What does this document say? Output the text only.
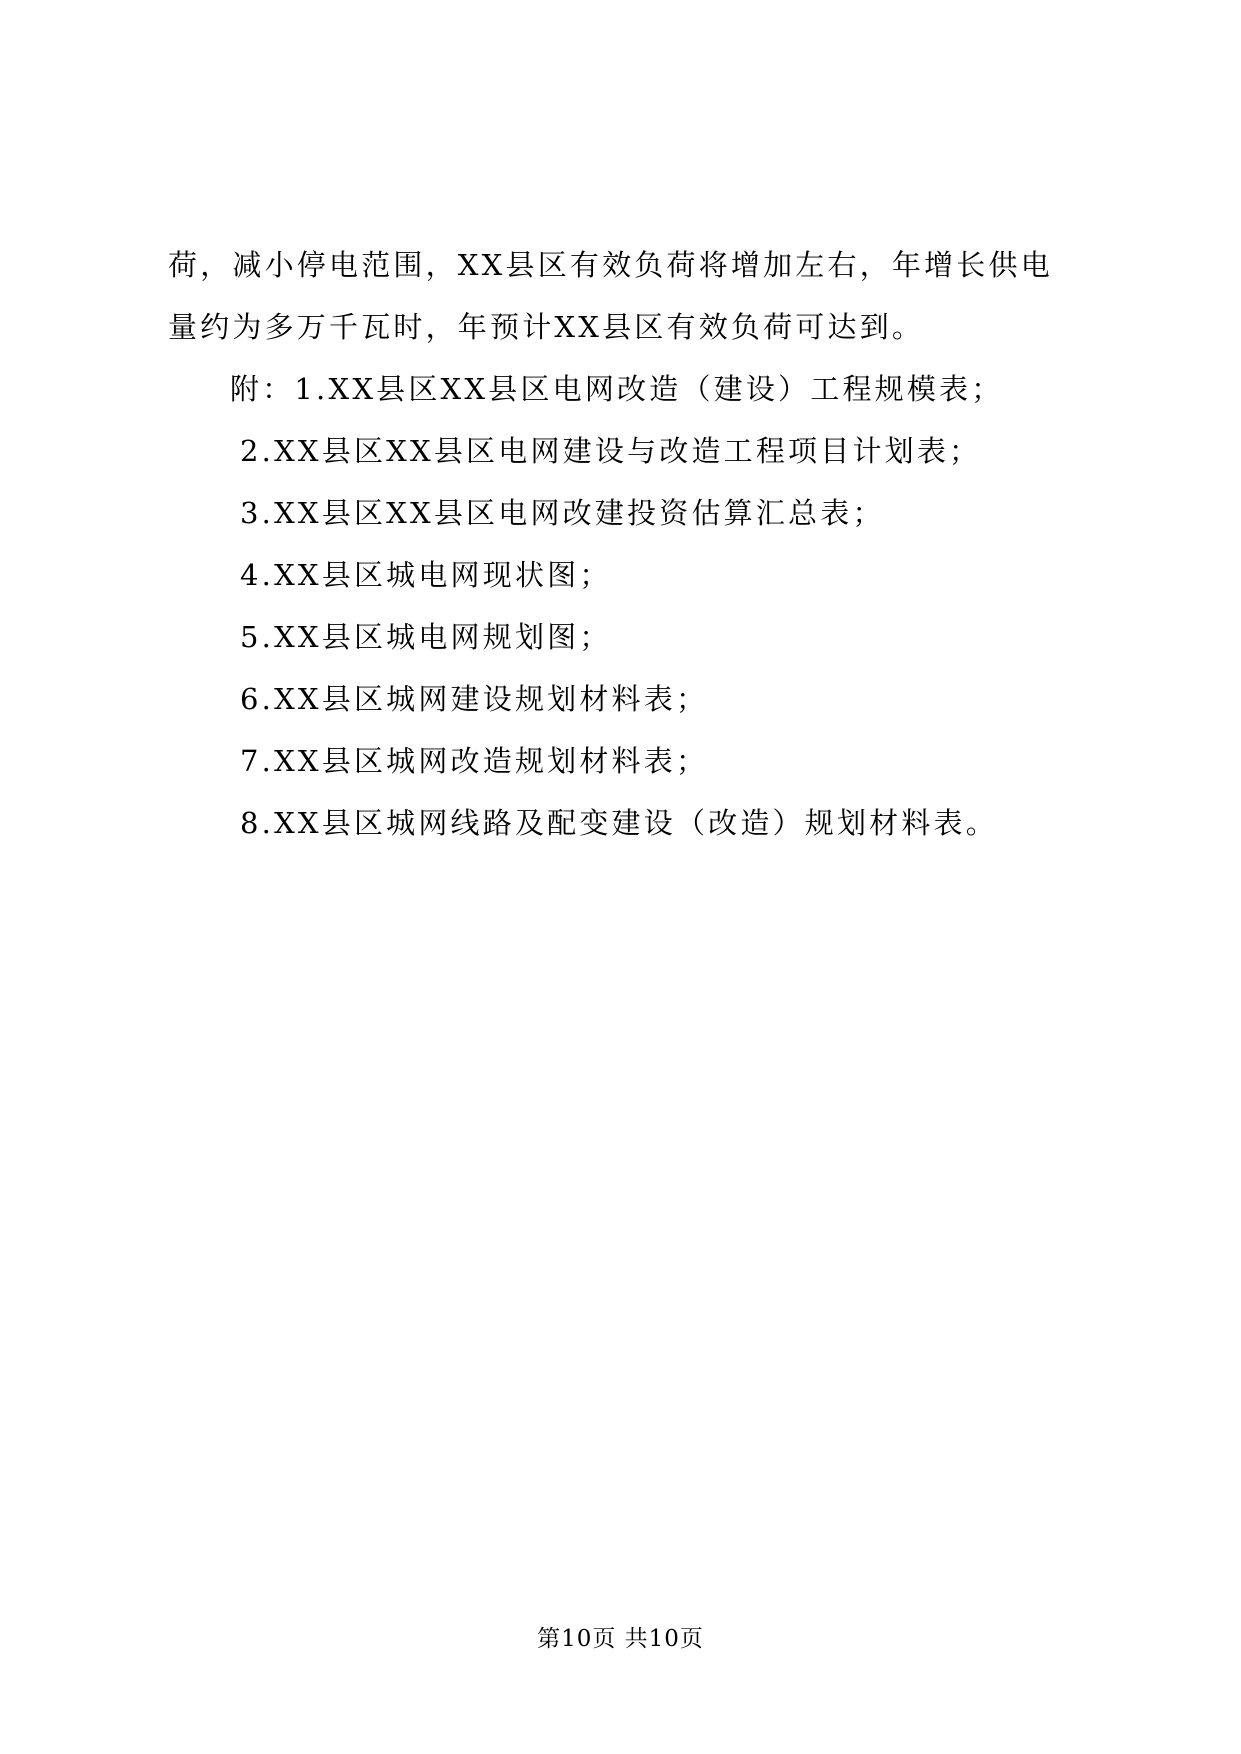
荷，减小停电范围，XX县区有效负荷将增加左右，年增长供电

量约为多万千瓦时，年预计XX县区有效负荷可达到。

附：1.XX县区XX县区电网改造（建设）工程规模表；

2.XX县区XX县区电网建设与改造工程项目计划表；

3.XX县区XX县区电网改建投资估算汇总表；

4.XX县区城电网现状图；

5.XX县区城电网规划图；

6.XX县区城网建设规划材料表；

7.XX县区城网改造规划材料表；

8.XX县区城网线路及配变建设（改造）规划材料表。

第10页 共10页
